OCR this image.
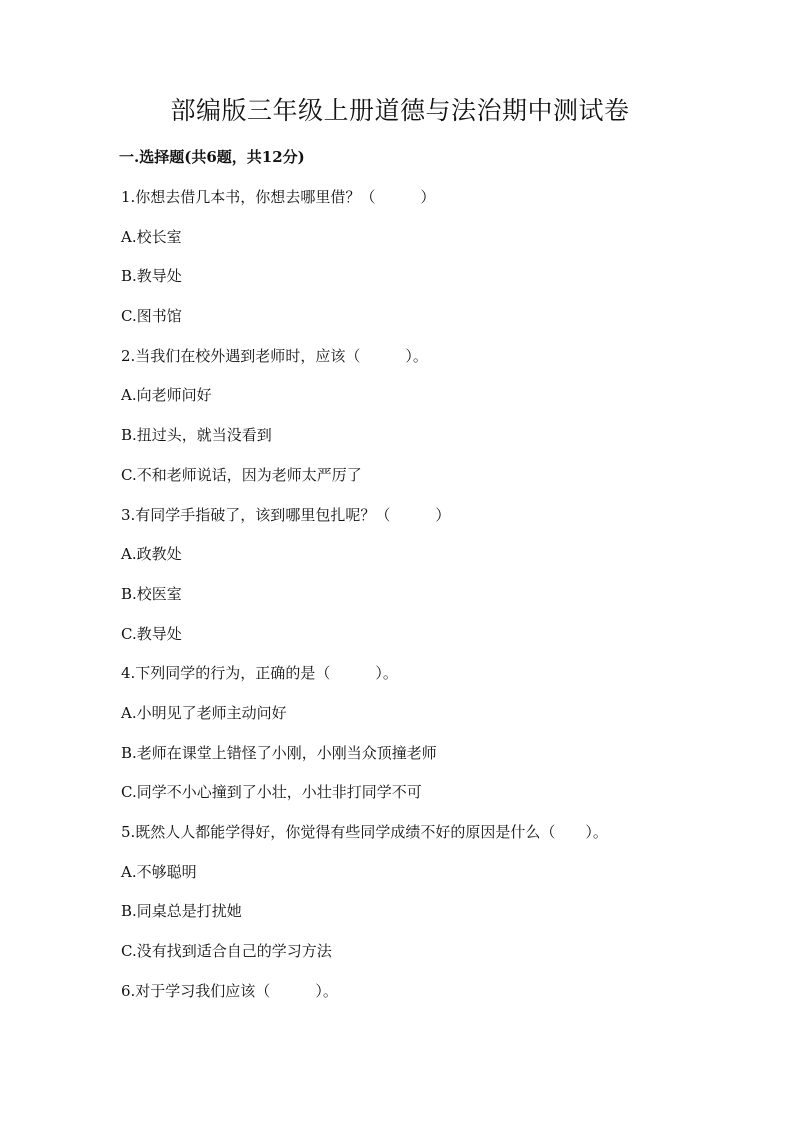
部编版三年级上册道德与法治期中测试卷
一.选择题(共6题，共12分)
1.你想去借几本书，你想去哪里借？（　　　）
A.校长室
B.教导处
C.图书馆
2.当我们在校外遇到老师时，应该（　　　）。
A.向老师问好
B.扭过头，就当没看到
C.不和老师说话，因为老师太严厉了
3.有同学手指破了，该到哪里包扎呢？（　　　）
A.政教处
B.校医室
C.教导处
4.下列同学的行为，正确的是（　　　）。
A.小明见了老师主动问好
B.老师在课堂上错怪了小刚，小刚当众顶撞老师
C.同学不小心撞到了小壮，小壮非打同学不可
5.既然人人都能学得好，你觉得有些同学成绩不好的原因是什么（　　）。
A.不够聪明
B.同桌总是打扰她
C.没有找到适合自己的学习方法
6.对于学习我们应该（　　　）。
